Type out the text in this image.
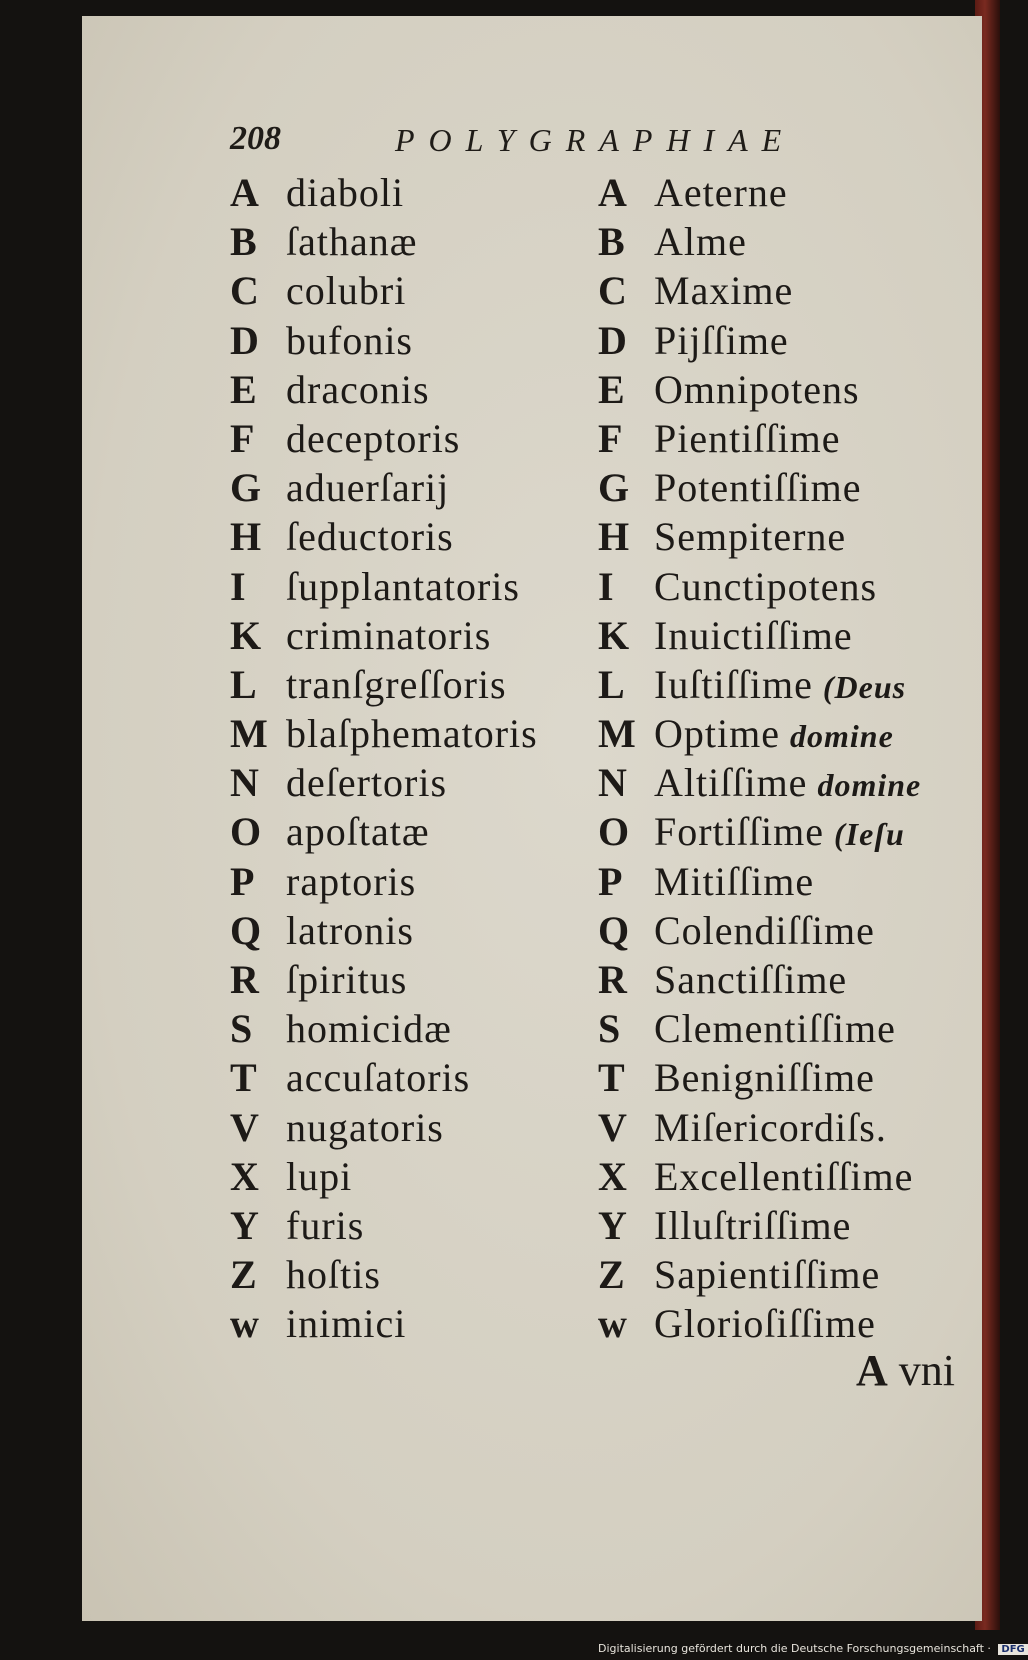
208	POLYGRAPHIAE
A diaboli
B ſathanæ
C colubri
D bufonis
E draconis
F deceptoris
G aduerſarij
H ſeductoris
I ſupplantatoris
K criminatoris
L tranſgreſſoris
M blaſphematoris
N deſertoris
O apoſtatæ
P raptoris
Q latronis
R ſpiritus
S homicidæ
T accuſatoris
V nugatoris
X lupi
Y furis
Z hoſtis
w inimici
A Aeterne
B Alme
C Maxime
D Pijſſime
E Omnipotens
F Pientiſſime
G Potentiſſime
H Sempiterne
I Cunctipotens
K Inuictiſſime
L Iuſtiſſime (Deus
M Optime domine
N Altiſſime domine
O Fortiſſime (Ieſu
P Mitiſſime
Q Colendiſſime
R Sanctiſſime
S Clementiſſime
T Benigniſſime
V Miſericordiſs.
X Excellentiſſime
Y Illuſtriſſime
Z Sapientiſſime
w Glorioſiſſime
A vni
Digitalisierung gefördert durch die Deutsche Forschungsgemeinschaft · DFG
